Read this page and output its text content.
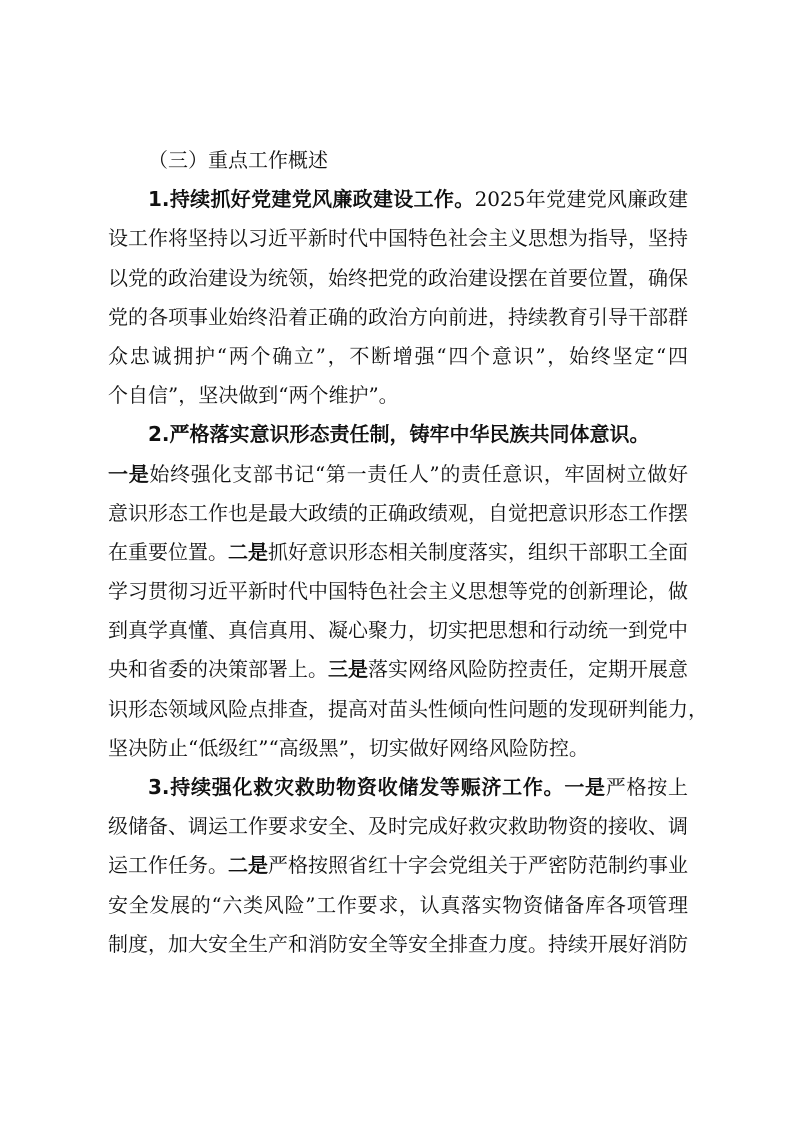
（三）重点工作概述
1.持续抓好党建党风廉政建设工作。2025年党建党风廉政建
设工作将坚持以习近平新时代中国特色社会主义思想为指导，坚持
以党的政治建设为统领，始终把党的政治建设摆在首要位置，确保
党的各项事业始终沿着正确的政治方向前进，持续教育引导干部群
众忠诚拥护“两个确立”，不断增强“四个意识”，始终坚定“四
个自信”，坚决做到“两个维护”。
2.严格落实意识形态责任制，铸牢中华民族共同体意识。
一是始终强化支部书记“第一责任人”的责任意识，牢固树立做好
意识形态工作也是最大政绩的正确政绩观，自觉把意识形态工作摆
在重要位置。二是抓好意识形态相关制度落实，组织干部职工全面
学习贯彻习近平新时代中国特色社会主义思想等党的创新理论，做
到真学真懂、真信真用、凝心聚力，切实把思想和行动统一到党中
央和省委的决策部署上。三是落实网络风险防控责任，定期开展意
识形态领域风险点排查，提高对苗头性倾向性问题的发现研判能力，
坚决防止“低级红”“高级黑”，切实做好网络风险防控。
3.持续强化救灾救助物资收储发等赈济工作。一是严格按上
级储备、调运工作要求安全、及时完成好救灾救助物资的接收、调
运工作任务。二是严格按照省红十字会党组关于严密防范制约事业
安全发展的“六类风险”工作要求，认真落实物资储备库各项管理
制度，加大安全生产和消防安全等安全排查力度。持续开展好消防
